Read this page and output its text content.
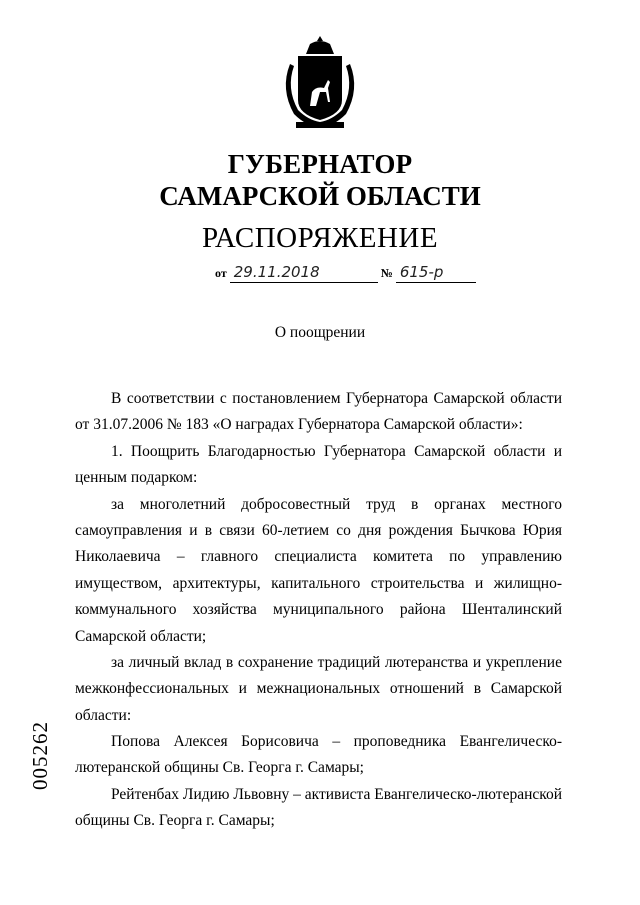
ГУБЕРНАТОР
САМАРСКОЙ ОБЛАСТИ
РАСПОРЯЖЕНИЕ
от 29.11.2018	№ 615-р
О поощрении
В соответствии с постановлением Губернатора Самарской области
от 31.07.2006 № 183 «О наградах Губернатора Самарской области»:
1. Поощрить Благодарностью Губернатора Самарской области и
ценным подарком:
за многолетний добросовестный труд в органах местного
самоуправления и в связи 60-летием со дня рождения Бычкова Юрия
Николаевича – главного специалиста комитета по управлению
имуществом, архитектуры, капитального строительства и жилищно-
коммунального хозяйства муниципального района Шенталинский
Самарской области;
за личный вклад в сохранение традиций лютеранства и укрепление
межконфессиональных и межнациональных отношений в Самарской
области:
Попова Алексея Борисовича – проповедника Евангелическо-
лютеранской общины Св. Георга г. Самары;
Рейтенбах Лидию Львовну – активиста Евангелическо-лютеранской
общины Св. Георга г. Самары;
005262
